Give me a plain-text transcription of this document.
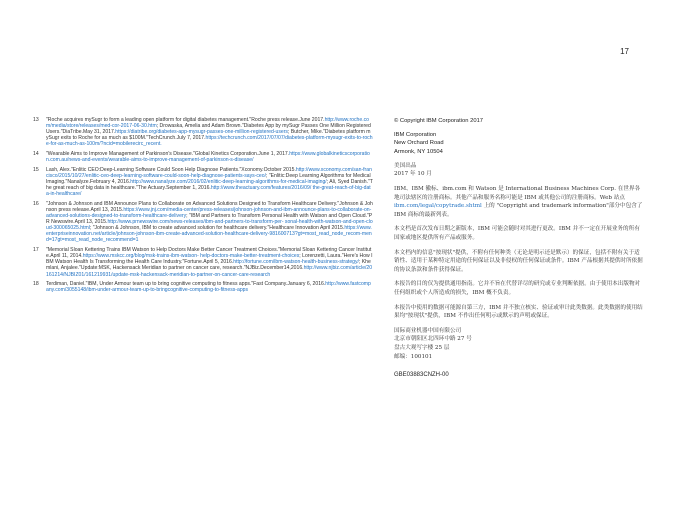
17
13	"Roche acquires mySugr to form a leading open platform for digital diabetes management."Roche press release.June 2017.http://www.roche.com/media/store/releases/med-cor-2017-06-30.htm; Drowaska, Amelia and Adam Brown."Diabetes App by mySugr Passes One Million Registered Users."DiaTribe.May 31, 2017.https://diatribe.org/diabetes-app-mysugr-passes-one-million-registered-users; Butcher, Mike."Diabetes platform mySugr exits to Roche for as much as $100M."TechCrunch.July 7, 2017.https://techcrunch.com/2017/07/07/diabetes-platform-mysugr-exits-to-roche-for-as-much-as-100m/?ncid=mobilerecirc_recent.
14	"Wearable Aims to Improve Management of Parkinson's Disease."Global Kinetics Corporation.June 1, 2017.https://www.globalkineticscorporation.com.au/news-and-events/wearable-aims-to-improve-management-of-parkinson-s-disease/
15	Lash, Alex."Enlitic CEO:Deep-Learning Software Could Soon Help Diagnose Patients."Xconomy.October 2015.http://www.xconomy.com/san-francisco/2015/10/27/enlitic-ceo-deep-learning-software-could-soon-help-diagnose-patients-says-ceo/; "Enlitic:Deep Learning Algorithms for Medical Imaging."Nanalyze.February 4, 2016.http://www.nanalyze.com/2016/02/enlitic-deep-learning-algorithms-for-medical-imaging/; Ali, Syed Danish."The great reach of big data in healthcare."The Actuary.September 1, 2016.http://www.theactuary.com/features/2016/09/ the-great-reach-of-big-data-in-healthcare/
16	"Johnson & Johnson and IBM Announce Plans to Collaborate on Advanced Solutions Designed to Transform Healthcare Delivery."Johnson & Johnson press release.April 13, 2015.https://www.jnj.com/media-center/press-releases/johnson-johnson-and-ibm-announce-plans-to-collaborate-on-advanced-solutions-designed-to-transform-healthcare-delivery; "IBM and Partners to Transform Personal Health with Watson and Open Cloud."PR Newswire.April 13, 2015.http://www.prnewswire.com/news-releases/ibm-and-partners-to-transform-per- sonal-health-with-watson-and-open-cloud-300065025.html; "Johnson & Johnson, IBM to create advanced solution for healthcare delivery."Healthcare Innovation April 2015.https://www.enterpriseinnovation.net/article/johnson-johnson-ibm-create-advanced-solution-healthcare-delivery-981600713?gt=most_read_node_recom-mend=17gt=most_read_node_recommend=1
17	"Memorial Sloan Kettering Trains IBM Watson to Help Doctors Make Better Cancer Treatment Choices."Memorial Sloan Kettering Cancer Institute.April 11, 2014.https://www.mskcc.org/blog/msk-trains-ibm-watson- help-doctors-make-better-treatment-choices; Lorenzetti, Laura."Here's How IBM Watson Health Is Transforming the Health Care Industry."Fortune.April 5, 2016.http://fortune.com/ibm-watson-health-business-strategy/; Khemlani, Anjalee."Update:MSK, Hackensack Meridian to partner on cancer care, research."NJBiz.December14,2016.http://www.njbiz.com/article/20161214/NJBIZ01/161219931/update-msk-hackensack-meridian-to-partner-on-cancer-care-research
18	Terdiman, Daniel."IBM, Under Armour team up to bring cognitive computing to fitness apps."Fast Company.January 6, 2016.http://www.fastcompany.com/3055148/ibm-under-armour-team-up-to-bringcognitive-computing-to-fitness-apps

© Copyright IBM Corporation 2017

IBM Corporation
New Orchard Road
Armonk, NY 10504
美国出品
2017 年 10 月

IBM、IBM 徽标、ibm.com 和 Watson 是 International Business Machines Corp. 在世界各地司法辖区的注册商标。其他产品和服务名称可能是 IBM 或其他公司的注册商标。Web 站点 ibm.com/legal/copytrade.shtml 上的 "Copyright and trademark information"部分中包含了 IBM 商标的最新列表。

本文档是首次发布日期之新版本，IBM 可能会随时对其进行更改。IBM 并不一定在开展业务的所有国家或地区提供所有产品或服务。

本文档内的信息"按现状"提供，不附有任何种类（无论是明示还是默示）的保证，包括不附有关于适销性、适用于某种特定用途的任何保证以及非侵权的任何保证或条件。IBM 产品根据其提供时所依据的协议条款和条件获得保证。

本报告的目的仅为提供通用指南。它并不旨在代替详尽的研究或专业判断依据。由于使用本出版物对任何组织或个人所造成的损失，IBM 概不负责。

本报告中使用的数据可能源自第三方，IBM 并不独立核实、验证或审计此类数据。此类数据的使用结果均"按现状"提供，IBM 不作出任何明示或默示的声明或保证。

国际商业机器中国有限公司
北京市朝阳区北四环中路 27 号
盘古大观写字楼 25 层
邮编：100101
GBE03883CNZH-00
